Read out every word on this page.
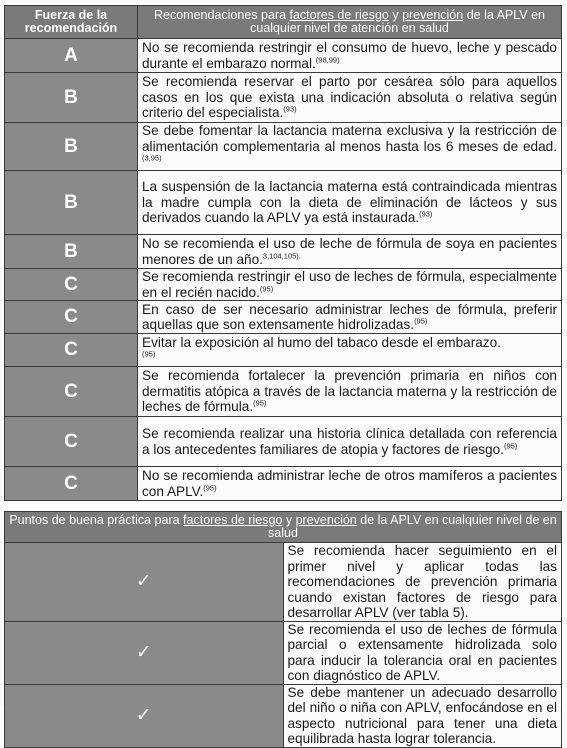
Fuerza de la recomendación	Recomendaciones para factores de riesgo y prevención de la APLV en cualquier nivel de atención en salud
A	No se recomienda restringir el consumo de huevo, leche y pescado durante el embarazo normal.$^{(98,99)}$
B	Se recomienda reservar el parto por cesárea sólo para aquellos casos en los que exista una indicación absoluta o relativa según criterio del especialista.$^{(93)}$
B	Se debe fomentar la lactancia materna exclusiva y la restricción de alimentación complementaria al menos hasta los 6 meses de edad.$^{(3,95)}$
B	La suspensión de la lactancia materna está contraindicada mientras la madre cumpla con la dieta de eliminación de lácteos y sus derivados cuando la APLV ya está instaurada.$^{(93)}$
B	No se recomienda el uso de leche de fórmula de soya en pacientes menores de un año.$^{3,104,105).}$
C	Se recomienda restringir el uso de leches de fórmula, especialmente en el recién nacido.$^{(95)}$
C	En caso de ser necesario administrar leches de fórmula, preferir aquellas que son extensamente hidrolizadas.$^{(95)}$
C	Evitar la exposición al humo del tabaco desde el embarazo.
$^{(95)}$
C	Se recomienda fortalecer la prevención primaria en niños con dermatitis atópica a través de la lactancia materna y la restricción de leches de fórmula.$^{(95)}$
C	Se recomienda realizar una historia clínica detallada con referencia a los antecedentes familiares de atopia y factores de riesgo.$^{(95)}$
C	No se recomienda administrar leche de otros mamíferos a pacientes con APLV.$^{(95)}$
Puntos de buena práctica para factores de riesgo y prevención de la APLV en cualquier nivel de en salud	
✓	Se recomienda hacer seguimiento en el primer nivel y aplicar todas las recomendaciones de prevención primaria cuando existan factores de riesgo para desarrollar APLV (ver tabla 5).
✓	Se recomienda el uso de leches de fórmula parcial o extensamente hidrolizada solo para inducir la tolerancia oral en pacientes con diagnóstico de APLV.
✓	Se debe mantener un adecuado desarrollo del niño o niña con APLV, enfocándose en el aspecto nutricional para tener una dieta equilibrada hasta lograr tolerancia.
